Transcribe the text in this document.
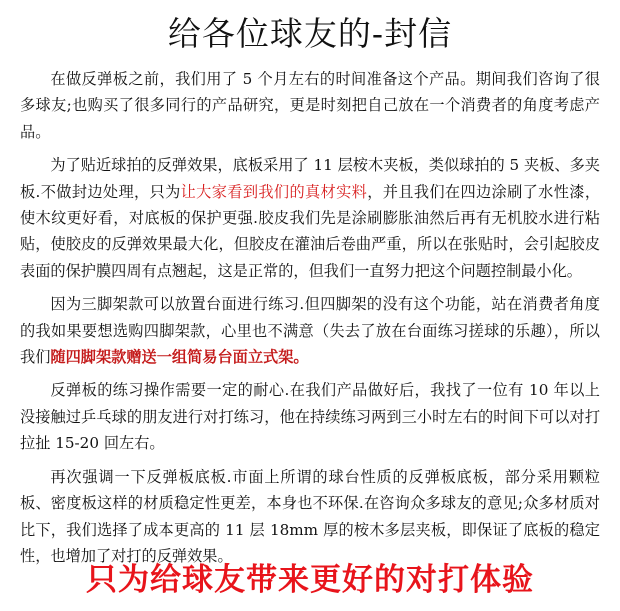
给各位球友的-封信

在做反弹板之前，我们用了 5 个月左右的时间准备这个产品。期间我们咨询了很多球友;也购买了很多同行的产品研究，更是时刻把自己放在一个消费者的角度考虑产品。

为了贴近球拍的反弹效果，底板采用了 11 层桉木夹板，类似球拍的 5 夹板、多夹板.不做封边处理，只为让大家看到我们的真材实料，并且我们在四边涂刷了水性漆，使木纹更好看，对底板的保护更强.胶皮我们先是涂刷膨胀油然后再有无机胶水进行粘贴，使胶皮的反弹效果最大化，但胶皮在灌油后卷曲严重，所以在张贴时，会引起胶皮表面的保护膜四周有点翘起，这是正常的，但我们一直努力把这个问题控制最小化。

因为三脚架款可以放置台面进行练习.但四脚架的没有这个功能，站在消费者角度的我如果要想选购四脚架款，心里也不满意（失去了放在台面练习搓球的乐趣），所以我们随四脚架款赠送一组简易台面立式架。

反弹板的练习操作需要一定的耐心.在我们产品做好后，我找了一位有 10 年以上没接触过乒乓球的朋友进行对打练习，他在持续练习两到三小时左右的时间下可以对打拉扯 15-20 回左右。

再次强调一下反弹板底板.市面上所谓的球台性质的反弹板底板，部分采用颗粒板、密度板这样的材质稳定性更差，本身也不环保.在咨询众多球友的意见;众多材质对比下，我们选择了成本更高的 11 层 18mm 厚的桉木多层夹板，即保证了底板的稳定性，也增加了对打的反弹效果。

只为给球友带来更好的对打体验
